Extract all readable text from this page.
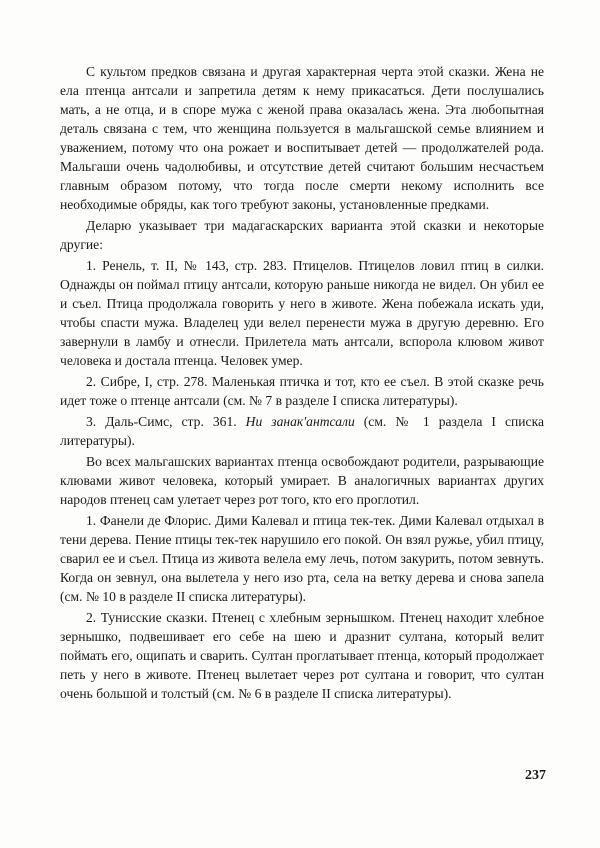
С культом предков связана и другая характерная черта этой сказки. Жена не ела птенца антсали и запретила детям к нему прикасаться. Дети послушались мать, а не отца, и в споре мужа с женой права оказалась жена. Эта любопытная деталь связана с тем, что женщина пользуется в мальгашской семье влиянием и уважением, потому что она рожает и воспитывает детей — продолжателей рода. Мальгаши очень чадолюбивы, и отсутствие детей считают большим несчастьем главным образом потому, что тогда после смерти некому исполнить все необходимые обряды, как того требуют законы, установленные предками.

Деларю указывает три мадагаскарских варианта этой сказки и некоторые другие:

1. Ренель, т. II, № 143, стр. 283. Птицелов. Птицелов ловил птиц в силки. Однажды он поймал птицу антсали, которую раньше никогда не видел. Он убил ее и съел. Птица продолжала говорить у него в животе. Жена побежала искать уди, чтобы спасти мужа. Владелец уди велел перенести мужа в другую деревню. Его завернули в ламбу и отнесли. Прилетела мать антсали, вспорола клювом живот человека и достала птенца. Человек умер.

2. Сибре, I, стр. 278. Маленькая птичка и тот, кто ее съел. В этой сказке речь идет тоже о птенце антсали (см. № 7 в разделе I списка литературы).

3. Даль-Симс, стр. 361. Ни занак'антсали (см. № 1 раздела I списка литературы).

Во всех мальгашских вариантах птенца освобождают родители, разрывающие клювами живот человека, который умирает. В аналогичных вариантах других народов птенец сам улетает через рот того, кто его проглотил.

1. Фанели де Флорис. Дими Калевал и птица тек-тек. Дими Калевал отдыхал в тени дерева. Пение птицы тек-тек нарушило его покой. Он взял ружье, убил птицу, сварил ее и съел. Птица из живота велела ему лечь, потом закурить, потом зевнуть. Когда он зевнул, она вылетела у него изо рта, села на ветку дерева и снова запела (см. № 10 в разделе II списка литературы).

2. Тунисские сказки. Птенец с хлебным зернышком. Птенец находит хлебное зернышко, подвешивает его себе на шею и дразнит султана, который велит поймать его, ощипать и сварить. Султан проглатывает птенца, который продолжает петь у него в животе. Птенец вылетает через рот султана и говорит, что султан очень большой и толстый (см. № 6 в разделе II списка литературы).

237
